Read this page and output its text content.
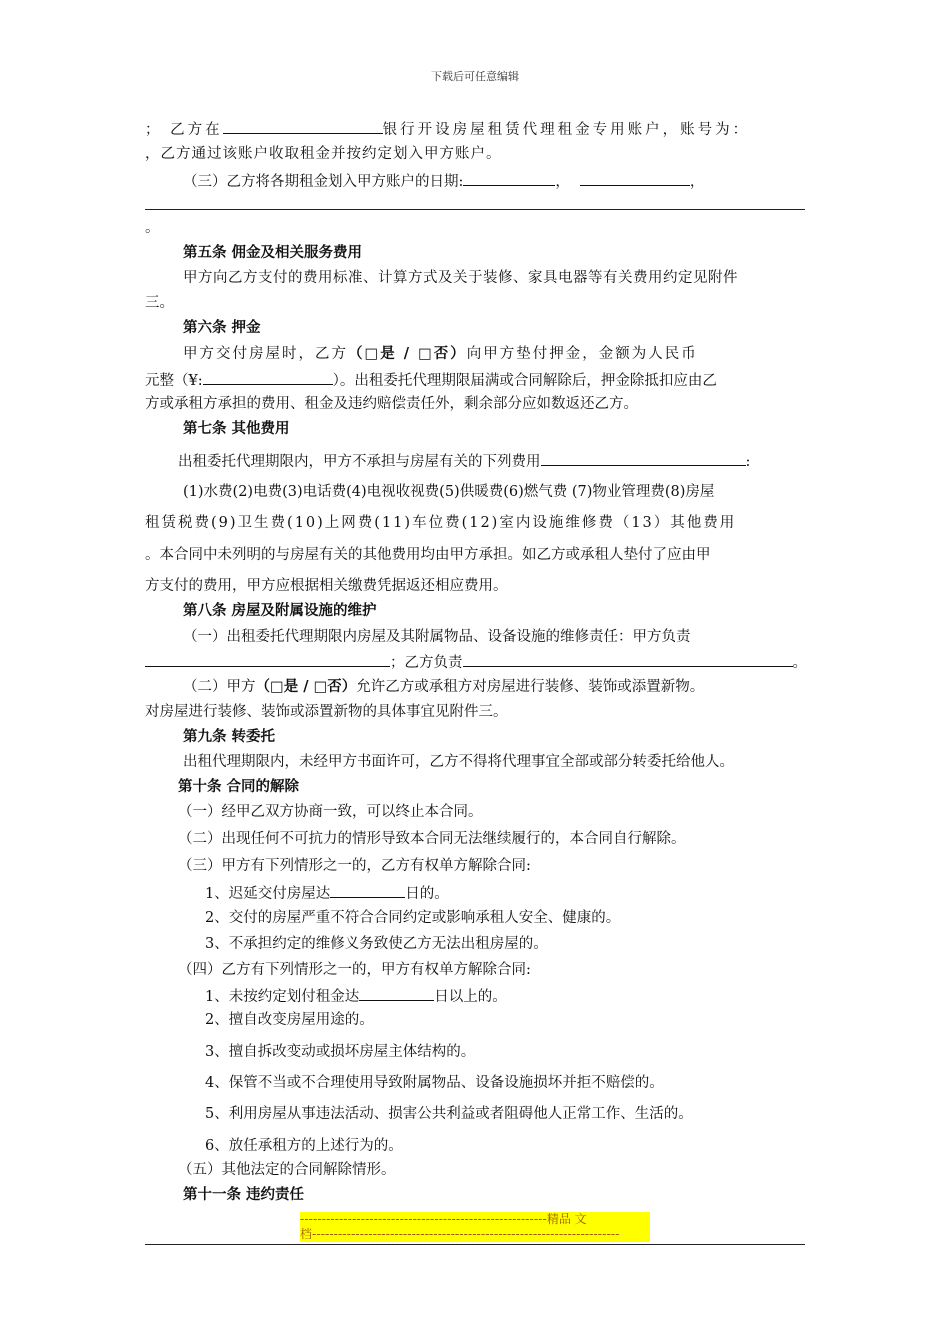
下载后可任意编辑
； 乙方在	银行开设房屋租赁代理租金专用账户，账号为：
，乙方通过该账户收取租金并按约定划入甲方账户。
（三）乙方将各期租金划入甲方账户的日期:	，	，
。
第五条 佣金及相关服务费用
甲方向乙方支付的费用标准、计算方式及关于装修、家具电器等有关费用约定见附件
三。
第六条 押金
甲方交付房屋时，乙方（□是 / □否）向甲方垫付押金，金额为人民币
元整（¥:	）。出租委托代理期限届满或合同解除后，押金除抵扣应由乙
方或承租方承担的费用、租金及违约赔偿责任外，剩余部分应如数返还乙方。
第七条 其他费用
出租委托代理期限内，甲方不承担与房屋有关的下列费用	:
(1)水费(2)电费(3)电话费(4)电视收视费(5)供暖费(6)燃气费 (7)物业管理费(8)房屋
租赁税费(9)卫生费(10)上网费(11)车位费(12)室内设施维修费（13）其他费用
。本合同中未列明的与房屋有关的其他费用均由甲方承担。如乙方或承租人垫付了应由甲
方支付的费用，甲方应根据相关缴费凭据返还相应费用。
第八条 房屋及附属设施的维护
（一）出租委托代理期限内房屋及其附属物品、设备设施的维修责任：甲方负责
；乙方负责	。
（二）甲方（□是 / □否）允许乙方或承租方对房屋进行装修、装饰或添置新物。
对房屋进行装修、装饰或添置新物的具体事宜见附件三。
第九条 转委托
出租代理期限内，未经甲方书面许可，乙方不得将代理事宜全部或部分转委托给他人。
第十条 合同的解除
（一）经甲乙双方协商一致，可以终止本合同。
（二）出现任何不可抗力的情形导致本合同无法继续履行的，本合同自行解除。
（三）甲方有下列情形之一的，乙方有权单方解除合同:
1、迟延交付房屋达	日的。
2、交付的房屋严重不符合合同约定或影响承租人安全、健康的。
3、不承担约定的维修义务致使乙方无法出租房屋的。
（四）乙方有下列情形之一的，甲方有权单方解除合同:
1、未按约定划付租金达	日以上的。
2、擅自改变房屋用途的。
3、擅自拆改变动或损坏房屋主体结构的。
4、保管不当或不合理使用导致附属物品、设备设施损坏并拒不赔偿的。
5、利用房屋从事违法活动、损害公共利益或者阻碍他人正常工作、生活的。
6、放任承租方的上述行为的。
（五）其他法定的合同解除情形。
第十一条 违约责任
---------------------------------------------------------精品 文
档-----------------------------------------------------------------------
